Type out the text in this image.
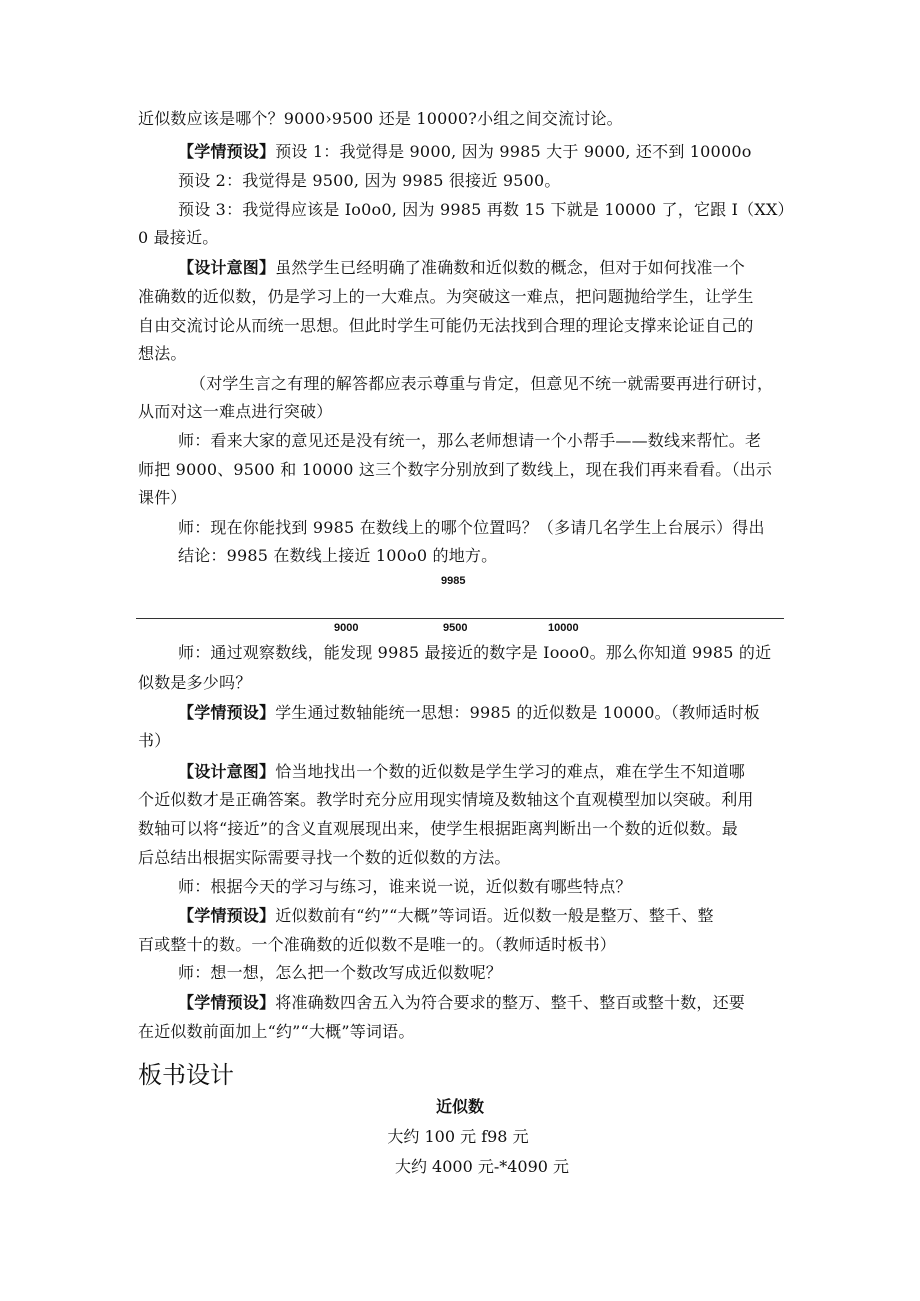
近似数应该是哪个？9000›9500 还是 10000?小组之间交流讨论。
【学情预设】预设 1：我觉得是 9000, 因为 9985 大于 9000, 还不到 10000o
预设 2：我觉得是 9500, 因为 9985 很接近 9500。
预设 3：我觉得应该是 Io0o0, 因为 9985 再数 15 下就是 10000 了，它跟 I（XX）
0 最接近。
【设计意图】虽然学生已经明确了准确数和近似数的概念，但对于如何找准一个
准确数的近似数，仍是学习上的一大难点。为突破这一难点，把问题抛给学生，让学生
自由交流讨论从而统一思想。但此时学生可能仍无法找到合理的理论支撑来论证自己的
想法。
（对学生言之有理的解答都应表示尊重与肯定，但意见不统一就需要再进行研讨，
从而对这一难点进行突破）
师：看来大家的意见还是没有统一，那么老师想请一个小帮手——数线来帮忙。老
师把 9000、9500 和 10000 这三个数字分别放到了数线上，现在我们再来看看。（出示
课件）
师：现在你能找到 9985 在数线上的哪个位置吗？（多请几名学生上台展示）得出
结论：9985 在数线上接近 100o0 的地方。
9985
9000	9500	10000
师：通过观察数线，能发现 9985 最接近的数字是 Iooo0。那么你知道 9985 的近
似数是多少吗？
【学情预设】学生通过数轴能统一思想：9985 的近似数是 10000。（教师适时板
书）
【设计意图】恰当地找出一个数的近似数是学生学习的难点，难在学生不知道哪
个近似数才是正确答案。教学时充分应用现实情境及数轴这个直观模型加以突破。利用
数轴可以将“接近”的含义直观展现出来，使学生根据距离判断出一个数的近似数。最
后总结出根据实际需要寻找一个数的近似数的方法。
师：根据今天的学习与练习，谁来说一说，近似数有哪些特点？
【学情预设】近似数前有“约”“大概”等词语。近似数一般是整万、整千、整
百或整十的数。一个准确数的近似数不是唯一的。（教师适时板书）
师：想一想，怎么把一个数改写成近似数呢？
【学情预设】将准确数四舍五入为符合要求的整万、整千、整百或整十数，还要
在近似数前面加上“约”“大概”等词语。
板书设计
近似数
大约 100 元 f98 元
大约 4000 元-*4090 元
